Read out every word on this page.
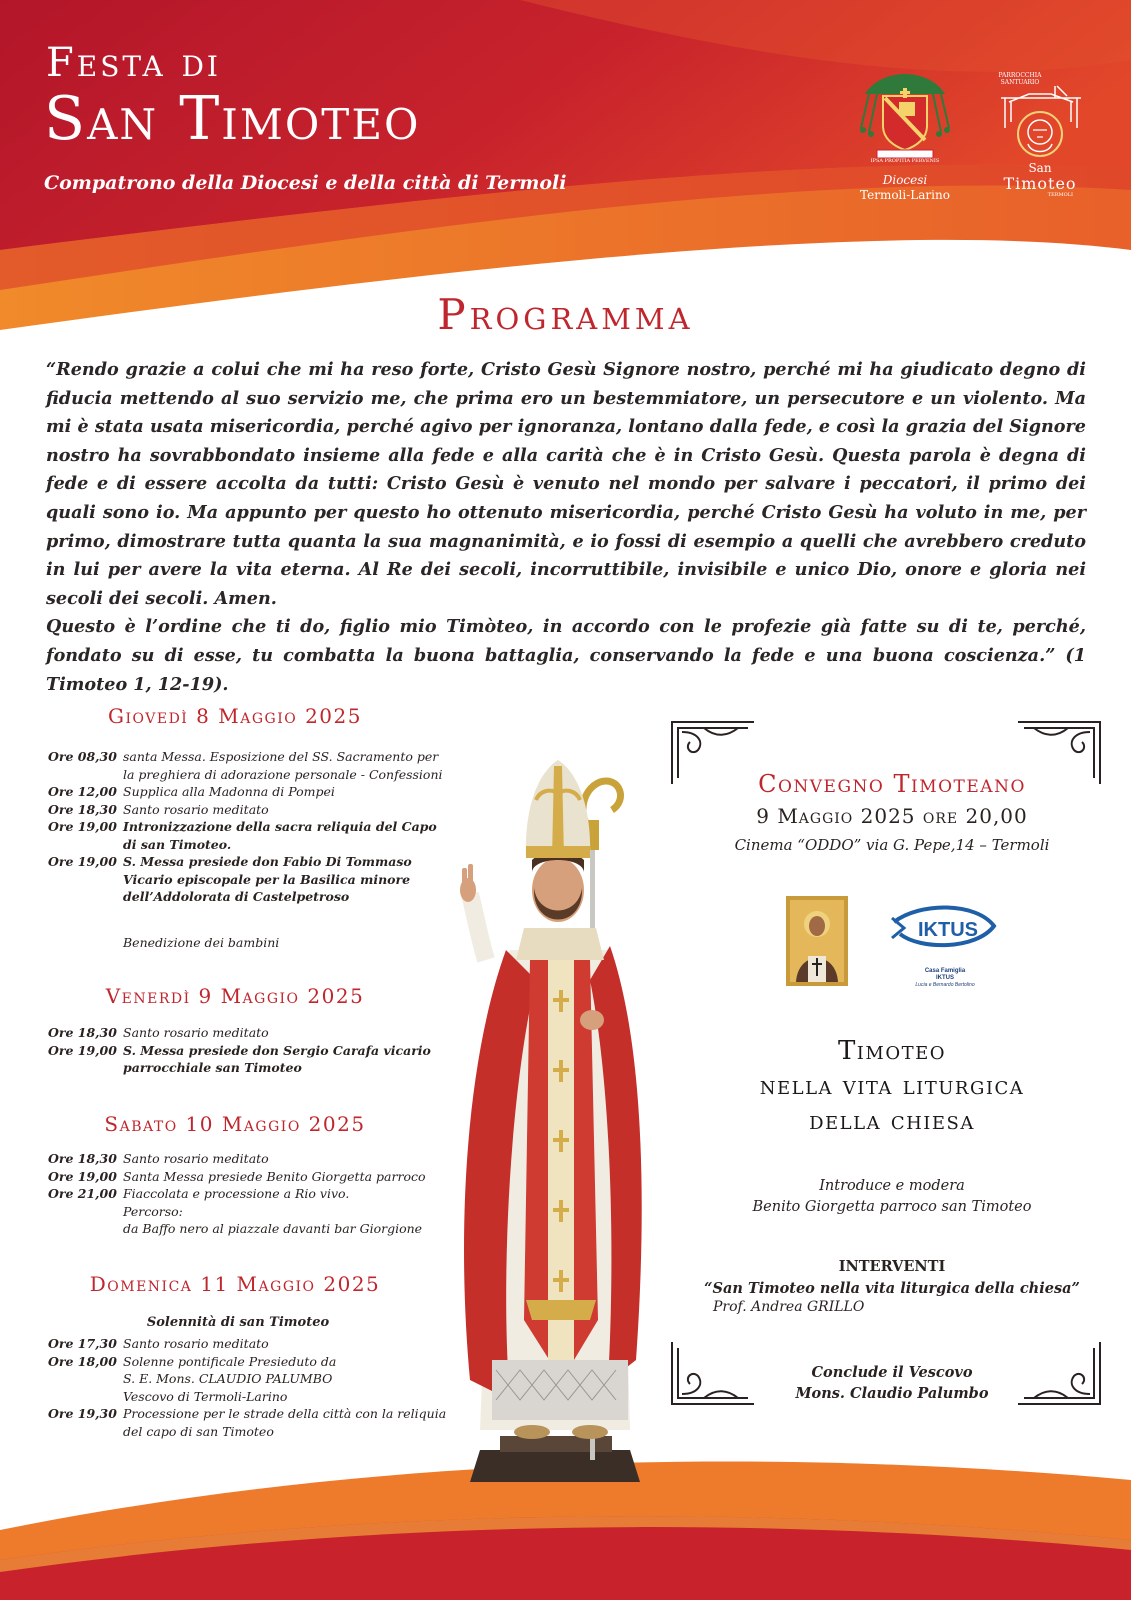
Festa di
San Timoteo
Compatrono della Diocesi e della città di Termoli
IPSA PROPITIA PERVENIS
Diocesi
Termoli-Larino
PARROCCHIA SANTUARIO
San
Timoteo
TERMOLI
Programma

“Rendo grazie a colui che mi ha reso forte, Cristo Gesù Signore nostro, perché mi ha giudicato degno di fiducia mettendo al suo servizio me, che prima ero un bestemmiatore, un persecutore e un violento. Ma mi è stata usata misericordia, perché agivo per ignoranza, lontano dalla fede, e così la grazia del Signore nostro ha sovrabbondato insieme alla fede e alla carità che è in Cristo Gesù. Questa parola è degna di fede e di essere accolta da tutti: Cristo Gesù è venuto nel mondo per salvare i peccatori, il primo dei quali sono io. Ma appunto per questo ho ottenuto misericordia, perché Cristo Gesù ha voluto in me, per primo, dimostrare tutta quanta la sua magnanimità, e io fossi di esempio a quelli che avrebbero creduto in lui per avere la vita eterna. Al Re dei secoli, incorruttibile, invisibile e unico Dio, onore e gloria nei secoli dei secoli. Amen.

Questo è l’ordine che ti do, figlio mio Timòteo, in accordo con le profezie già fatte su di te, perché, fondato su di esse, tu combatta la buona battaglia, conservando la fede e una buona coscienza.” (1 Timoteo 1, 12-19).

Giovedì 8 Maggio 2025
Ore 08,30 santa Messa. Esposizione del SS. Sacramento per la preghiera di adorazione personale - Confessioni
Ore 12,00 Supplica alla Madonna di Pompei
Ore 18,30 Santo rosario meditato
Ore 19,00 Intronizzazione della sacra reliquia del Capo di san Timoteo.
Ore 19,00 S. Messa presiede don Fabio Di Tommaso Vicario episcopale per la Basilica minore dell’Addolorata di Castelpetroso
Benedizione dei bambini
Venerdì 9 Maggio 2025
Ore 18,30 Santo rosario meditato
Ore 19,00 S. Messa presiede don Sergio Carafa vicario parrocchiale san Timoteo
Sabato 10 Maggio 2025
Ore 18,30 Santo rosario meditato
Ore 19,00 Santa Messa presiede Benito Giorgetta parroco
Ore 21,00 Fiaccolata e processione a Rio vivo.
Percorso:
da Baffo nero al piazzale davanti bar Giorgione
Domenica 11 Maggio 2025
Solennità di san Timoteo
Ore 17,30 Santo rosario meditato
Ore 18,00 Solenne pontificale Presieduto da
S. E. Mons. CLAUDIO PALUMBO
Vescovo di Termoli-Larino
Ore 19,30 Processione per le strade della città con la reliquia del capo di san Timoteo
Convegno Timoteano
9 Maggio 2025 ore 20,00
Cinema “ODDO” via G. Pepe,14 – Termoli
IKTUS
Casa Famiglia
IKTUS
Lucia e Bernardo Bertolino
Timoteo
nella vita liturgica
della chiesa
Introduce e modera
Benito Giorgetta parroco san Timoteo
INTERVENTI
“San Timoteo nella vita liturgica della chiesa”
Prof. Andrea GRILLO
Conclude il Vescovo
Mons. Claudio Palumbo
